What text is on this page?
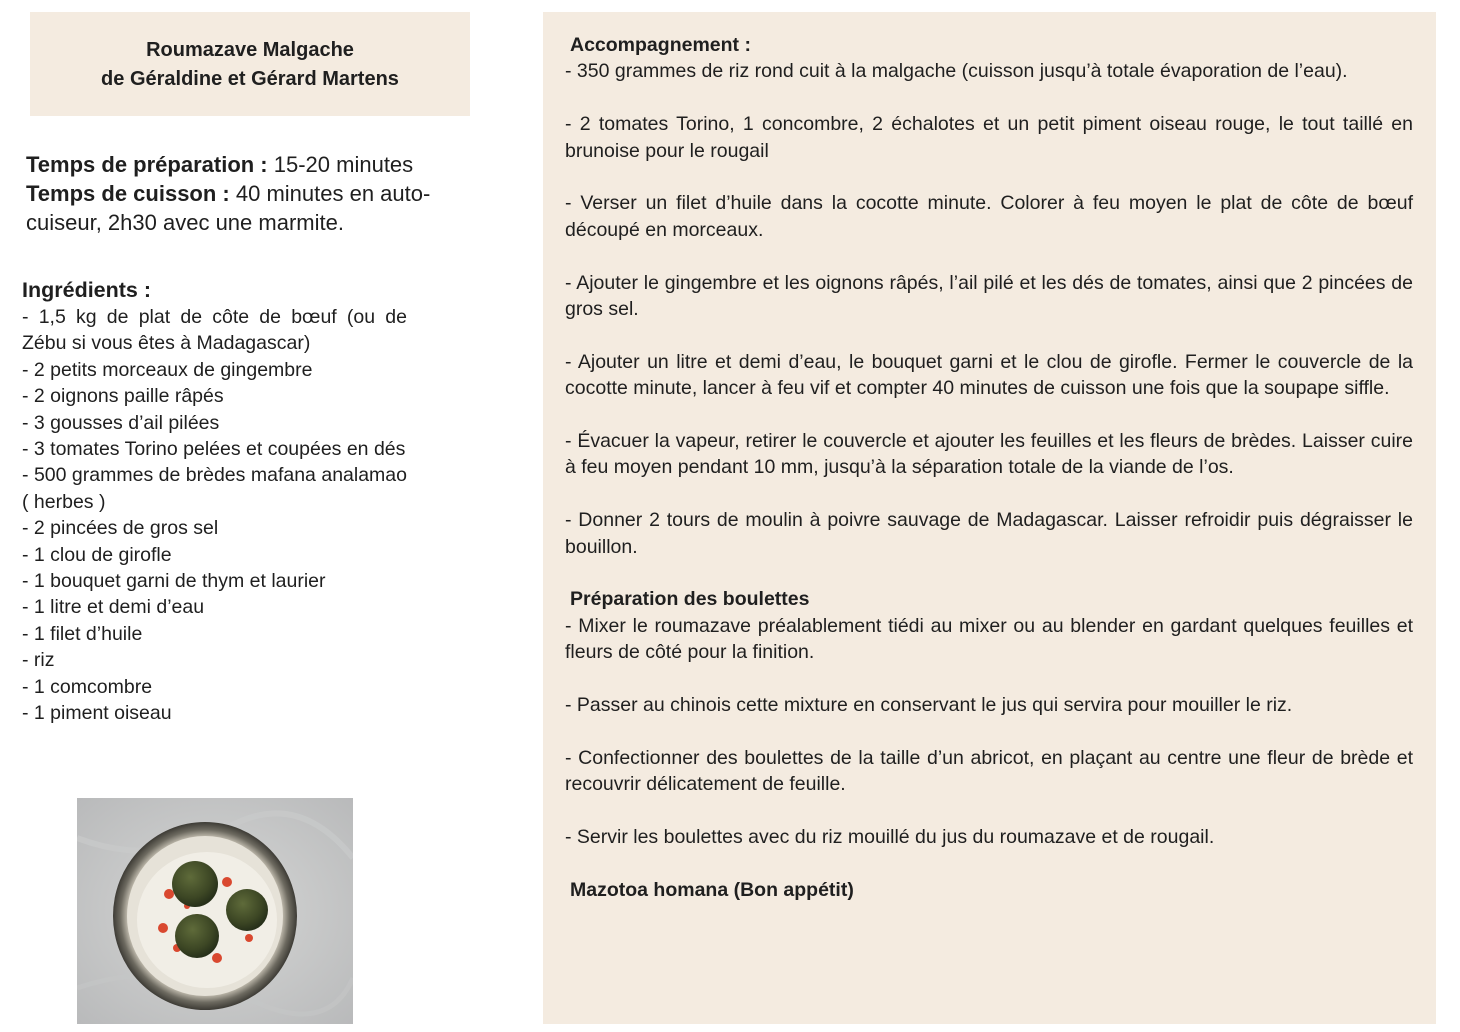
Roumazave Malgache
de Géraldine et Gérard Martens
Temps de préparation : 15-20 minutes
Temps de cuisson : 40 minutes en auto-cuiseur, 2h30 avec une marmite.
Ingrédients :
- 1,5 kg de plat de côte de bœuf (ou de Zébu si vous êtes à Madagascar)
- 2 petits morceaux de gingembre
- 2 oignons paille râpés
- 3 gousses d’ail pilées
- 3 tomates Torino pelées et coupées en dés
- 500 grammes de brèdes mafana analamao ( herbes )
- 2 pincées de gros sel
- 1 clou de girofle
- 1 bouquet garni de thym et laurier
- 1 litre et demi d’eau
- 1 filet d’huile
- riz
- 1 comcombre
- 1 piment oiseau
Accompagnement :

- 350 grammes de riz rond cuit à la malgache (cuisson jusqu’à totale évaporation de l’eau).

- 2 tomates Torino, 1 concombre, 2 échalotes et un petit piment oiseau rouge, le tout taillé en brunoise pour le rougail

- Verser un filet d’huile dans la cocotte minute. Colorer à feu moyen le plat de côte de bœuf découpé en morceaux.

- Ajouter le gingembre et les oignons râpés, l’ail pilé et les dés de tomates, ainsi que 2 pincées de gros sel.

- Ajouter un litre et demi d’eau, le bouquet garni et le clou de girofle. Fermer le couvercle de la cocotte minute, lancer à feu vif et compter 40 minutes de cuisson une fois que la soupape siffle.

- Évacuer la vapeur, retirer le couvercle et ajouter les feuilles et les fleurs de brèdes. Laisser cuire à feu moyen pendant 10 mm, jusqu’à la séparation totale de la viande de l’os.

- Donner 2 tours de moulin à poivre sauvage de Madagascar. Laisser refroidir puis dégraisser le bouillon.

Préparation des boulettes

- Mixer le roumazave préalablement tiédi au mixer ou au blender en gardant quelques feuilles et fleurs de côté pour la finition.

- Passer au chinois cette mixture en conservant le jus qui servira pour mouiller le riz.

- Confectionner des boulettes de la taille d’un abricot, en plaçant au centre une fleur de brède et recouvrir délicatement de feuille.

- Servir les boulettes avec du riz mouillé du jus du roumazave et de rougail.

Mazotoa homana (Bon appétit)
